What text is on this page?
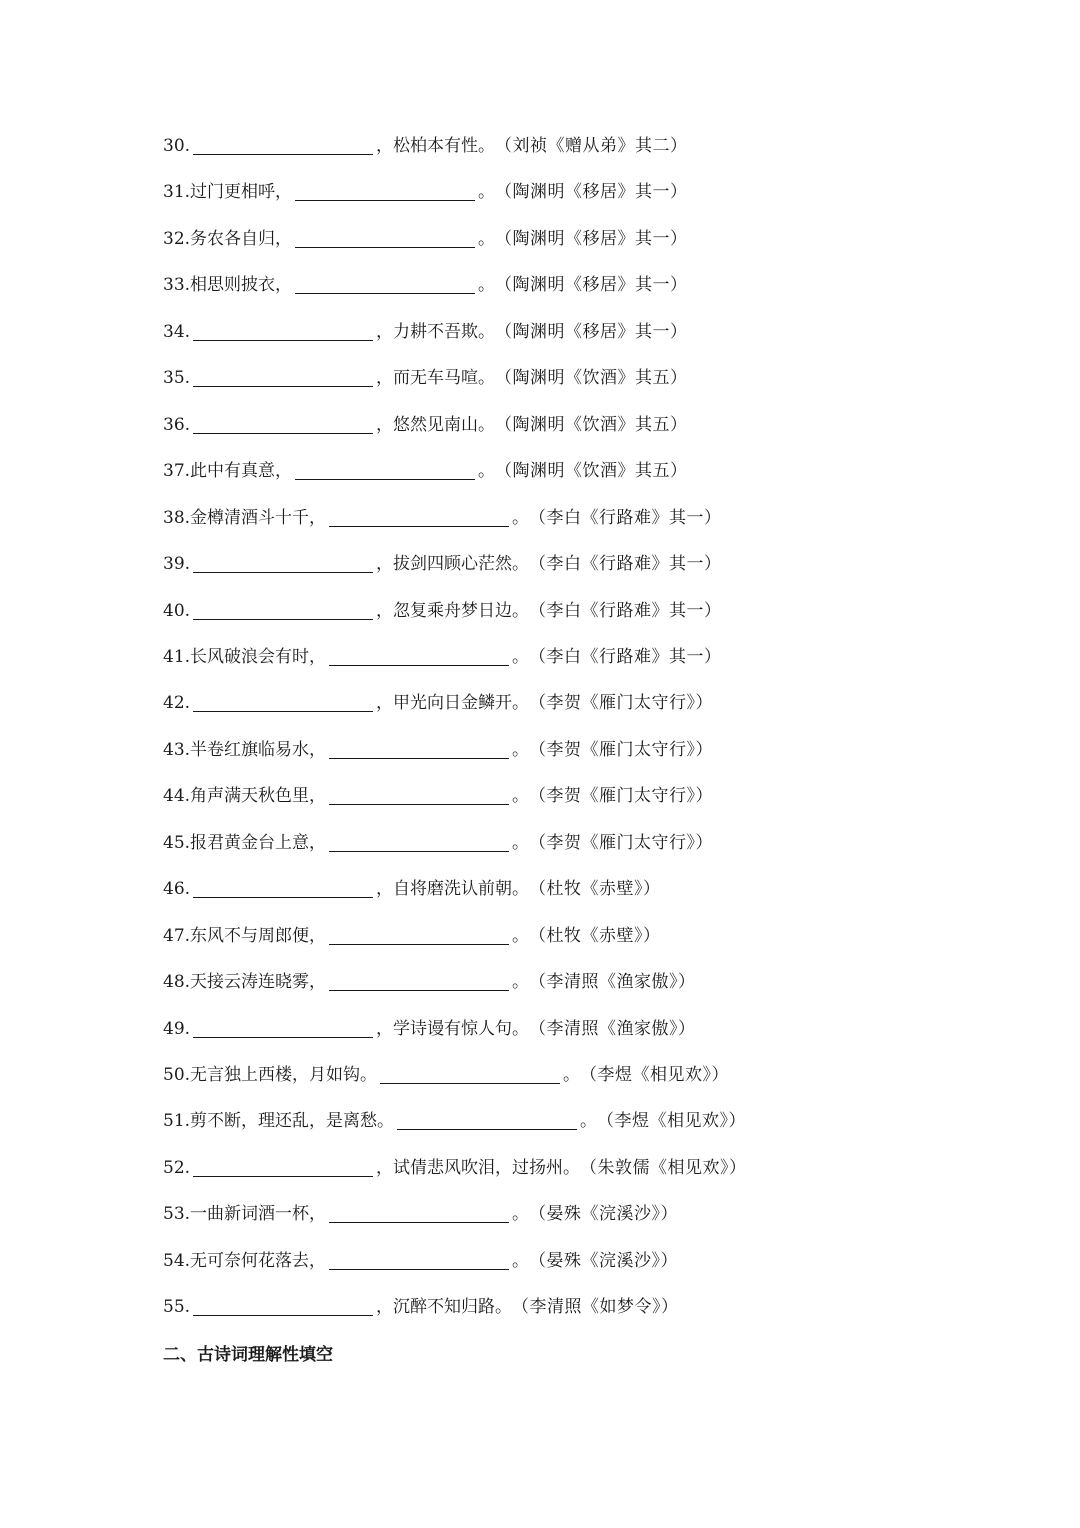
30.	，松柏本有性。 （刘祯《赠从弟》其二）
31. 过门更相呼，	。 （陶渊明《移居》其一）
32. 务农各自归，	。 （陶渊明《移居》其一）
33. 相思则披衣，	。 （陶渊明《移居》其一）
34.	，力耕不吾欺。 （陶渊明《移居》其一）
35.	，而无车马喧。 （陶渊明《饮酒》其五）
36.	，悠然见南山。 （陶渊明《饮酒》其五）
37. 此中有真意，	。 （陶渊明《饮酒》其五）
38. 金樽清酒斗十千，	。 （李白《行路难》其一）
39.	，拔剑四顾心茫然。 （李白《行路难》其一）
40.	，忽复乘舟梦日边。 （李白《行路难》其一）
41. 长风破浪会有时，	。 （李白《行路难》其一）
42.	，甲光向日金鳞开。 （李贺《雁门太守行》）
43. 半卷红旗临易水，	。 （李贺《雁门太守行》）
44. 角声满天秋色里，	。 （李贺《雁门太守行》）
45. 报君黄金台上意，	。 （李贺《雁门太守行》）
46.	，自将磨洗认前朝。 （杜牧《赤壁》）
47. 东风不与周郎便，	。 （杜牧《赤壁》）
48. 天接云涛连晓雾，	。 （李清照《渔家傲》）
49.	，学诗谩有惊人句。 （李清照《渔家傲》）
50. 无言独上西楼，月如钩。	。 （李煜《相见欢》）
51. 剪不断，理还乱，是离愁。	。 （李煜《相见欢》）
52.	，试倩悲风吹泪，过扬州。 （朱敦儒《相见欢》）
53. 一曲新词酒一杯，	。 （晏殊《浣溪沙》）
54. 无可奈何花落去，	。 （晏殊《浣溪沙》）
55.	，沉醉不知归路。 （李清照《如梦令》）
二、古诗词理解性填空
